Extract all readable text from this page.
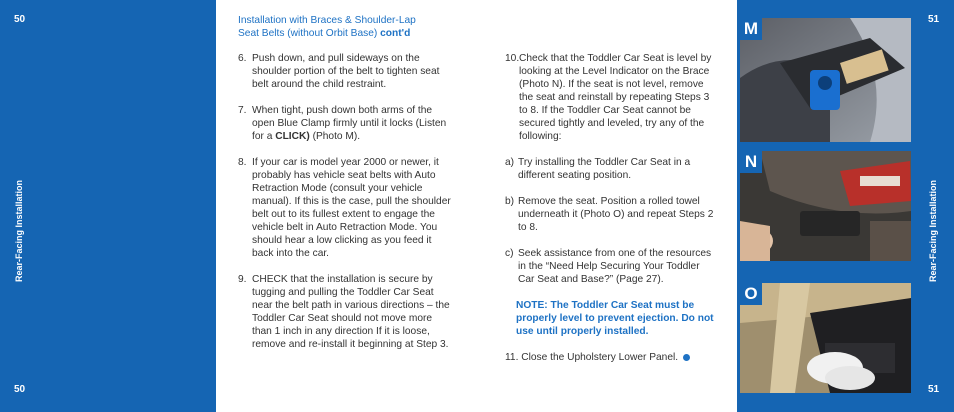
50
Rear-Facing Installation
50
Installation with Braces & Shoulder-Lap
Seat Belts (without Orbit Base) cont'd
6. Push down, and pull sideways on the shoulder portion of the belt to tighten seat belt around the child restraint.
7. When tight, push down both arms of the open Blue Clamp firmly until it locks (Listen for a CLICK) (Photo M).
8. If your car is model year 2000 or newer, it probably has vehicle seat belts with Auto Retraction Mode (consult your vehicle manual). If this is the case, pull the shoulder belt out to its fullest extent to engage the vehicle belt in Auto Retraction Mode. You should hear a low clicking as you feed it back into the car.
9. CHECK that the installation is secure by tugging and pulling the Toddler Car Seat near the belt path in various directions – the Toddler Car Seat should not move more than 1 inch in any direction If it is loose, remove and re-install it beginning at Step 3.
10. Check that the Toddler Car Seat is level by looking at the Level Indicator on the Brace (Photo N). If the seat is not level, remove the seat and reinstall by repeating Steps 3 to 8. If the Toddler Car Seat cannot be secured tightly and leveled, try any of the following:
a) Try installing the Toddler Car Seat in a different seating position.
b) Remove the seat. Position a rolled towel underneath it (Photo O) and repeat Steps 2 to 8.
c) Seek assistance from one of the resources in the “Need Help Securing Your Toddler Car Seat and Base?” (Page 27).
NOTE: The Toddler Car Seat must be properly level to prevent ejection. Do not use until properly installed.
11. Close the Upholstery Lower Panel.
M
N
O
51
Rear-Facing Installation
51
